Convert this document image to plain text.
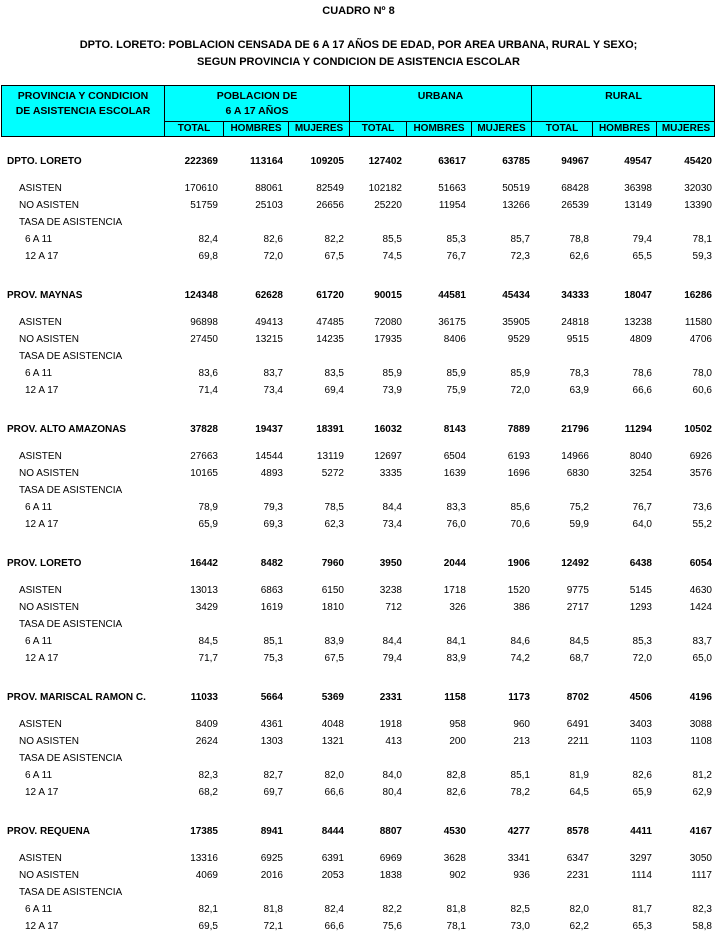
CUADRO Nº 8
DPTO. LORETO: POBLACION CENSADA DE 6 A 17 AÑOS DE EDAD, POR AREA URBANA, RURAL Y SEXO;
SEGUN PROVINCIA Y CONDICION DE ASISTENCIA ESCOLAR
PROVINCIA Y CONDICION
DE ASISTENCIA ESCOLAR
POBLACION DE
6 A 17 AÑOS
URBANA	RURAL
TOTAL	HOMBRES	MUJERES	TOTAL	HOMBRES	MUJERES	TOTAL	HOMBRES	MUJERES
DPTO. LORETO	222369	113164	109205	127402	63617	63785	94967	49547	45420
ASISTEN	170610	88061	82549	102182	51663	50519	68428	36398	32030
NO ASISTEN	51759	25103	26656	25220	11954	13266	26539	13149	13390
TASA DE ASISTENCIA
6 A 11	82,4	82,6	82,2	85,5	85,3	85,7	78,8	79,4	78,1
12 A 17	69,8	72,0	67,5	74,5	76,7	72,3	62,6	65,5	59,3
PROV. MAYNAS	124348	62628	61720	90015	44581	45434	34333	18047	16286
ASISTEN	96898	49413	47485	72080	36175	35905	24818	13238	11580
NO ASISTEN	27450	13215	14235	17935	8406	9529	9515	4809	4706
TASA DE ASISTENCIA
6 A 11	83,6	83,7	83,5	85,9	85,9	85,9	78,3	78,6	78,0
12 A 17	71,4	73,4	69,4	73,9	75,9	72,0	63,9	66,6	60,6
PROV. ALTO AMAZONAS	37828	19437	18391	16032	8143	7889	21796	11294	10502
ASISTEN	27663	14544	13119	12697	6504	6193	14966	8040	6926
NO ASISTEN	10165	4893	5272	3335	1639	1696	6830	3254	3576
TASA DE ASISTENCIA
6 A 11	78,9	79,3	78,5	84,4	83,3	85,6	75,2	76,7	73,6
12 A 17	65,9	69,3	62,3	73,4	76,0	70,6	59,9	64,0	55,2
PROV. LORETO	16442	8482	7960	3950	2044	1906	12492	6438	6054
ASISTEN	13013	6863	6150	3238	1718	1520	9775	5145	4630
NO ASISTEN	3429	1619	1810	712	326	386	2717	1293	1424
TASA DE ASISTENCIA
6 A 11	84,5	85,1	83,9	84,4	84,1	84,6	84,5	85,3	83,7
12 A 17	71,7	75,3	67,5	79,4	83,9	74,2	68,7	72,0	65,0
PROV. MARISCAL RAMON C.	11033	5664	5369	2331	1158	1173	8702	4506	4196
ASISTEN	8409	4361	4048	1918	958	960	6491	3403	3088
NO ASISTEN	2624	1303	1321	413	200	213	2211	1103	1108
TASA DE ASISTENCIA
6 A 11	82,3	82,7	82,0	84,0	82,8	85,1	81,9	82,6	81,2
12 A 17	68,2	69,7	66,6	80,4	82,6	78,2	64,5	65,9	62,9
PROV. REQUENA	17385	8941	8444	8807	4530	4277	8578	4411	4167
ASISTEN	13316	6925	6391	6969	3628	3341	6347	3297	3050
NO ASISTEN	4069	2016	2053	1838	902	936	2231	1114	1117
TASA DE ASISTENCIA
6 A 11	82,1	81,8	82,4	82,2	81,8	82,5	82,0	81,7	82,3
12 A 17	69,5	72,1	66,6	75,6	78,1	73,0	62,2	65,3	58,8
